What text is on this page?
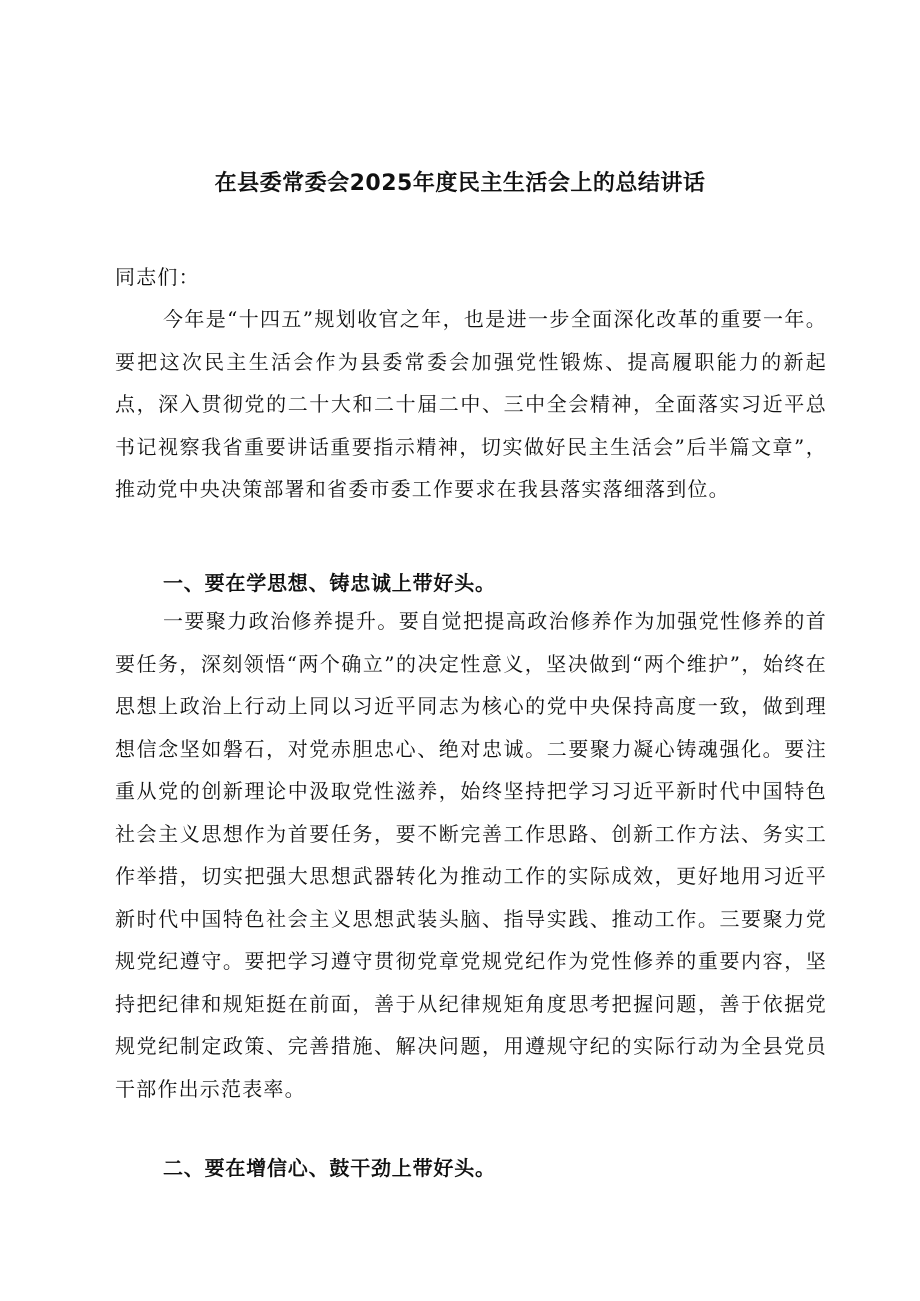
在县委常委会2025年度民主生活会上的总结讲话
同志们：
今年是“十四五”规划收官之年，也是进一步全面深化改革的重要一年。要把这次民主生活会作为县委常委会加强党性锻炼、提高履职能力的新起点，深入贯彻党的二十大和二十届二中、三中全会精神，全面落实习近平总书记视察我省重要讲话重要指示精神，切实做好民主生活会”后半篇文章”，推动党中央决策部署和省委市委工作要求在我县落实落细落到位。
一、要在学思想、铸忠诚上带好头。
一要聚力政治修养提升。要自觉把提高政治修养作为加强党性修养的首要任务，深刻领悟“两个确立”的决定性意义，坚决做到“两个维护”，始终在思想上政治上行动上同以习近平同志为核心的党中央保持高度一致，做到理想信念坚如磐石，对党赤胆忠心、绝对忠诚。二要聚力凝心铸魂强化。要注重从党的创新理论中汲取党性滋养，始终坚持把学习习近平新时代中国特色社会主义思想作为首要任务，要不断完善工作思路、创新工作方法、务实工作举措，切实把强大思想武器转化为推动工作的实际成效，更好地用习近平新时代中国特色社会主义思想武装头脑、指导实践、推动工作。三要聚力党规党纪遵守。要把学习遵守贯彻党章党规党纪作为党性修养的重要内容，坚持把纪律和规矩挺在前面，善于从纪律规矩角度思考把握问题，善于依据党规党纪制定政策、完善措施、解决问题，用遵规守纪的实际行动为全县党员干部作出示范表率。
二、要在增信心、鼓干劲上带好头。
